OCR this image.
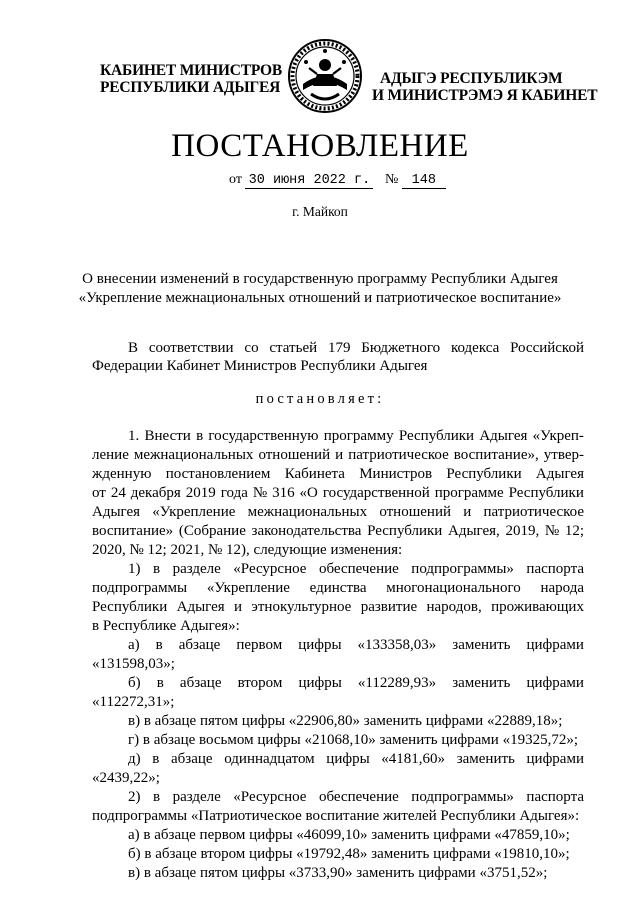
КАБИНЕТ МИНИСТРОВ
РЕСПУБЛИКИ АДЫГЕЯ
АДЫГЭ РЕСПУБЛИКЭМ
И МИНИСТРЭМЭ Я КАБИНЕТ
ПОСТАНОВЛЕНИЕ
от 30 июня 2022 г. № 148
г. Майкоп
О внесении изменений в государственную программу Республики Адыгея
«Укрепление межнациональных отношений и патриотическое воспитание»
В соответствии со статьей 179 Бюджетного кодекса Российской
Федерации Кабинет Министров Республики Адыгея
постановляет:
1. Внести в государственную программу Республики Адыгея «Укреп-
ление межнациональных отношений и патриотическое воспитание», утвер-
жденную постановлением Кабинета Министров Республики Адыгея
от 24 декабря 2019 года № 316 «О государственной программе Республики
Адыгея «Укрепление межнациональных отношений и патриотическое
воспитание» (Собрание законодательства Республики Адыгея, 2019, № 12;
2020, № 12; 2021, № 12), следующие изменения:
1) в разделе «Ресурсное обеспечение подпрограммы» паспорта
подпрограммы «Укрепление единства многонационального народа
Республики Адыгея и этнокультурное развитие народов, проживающих
в Республике Адыгея»:
а) в абзаце первом цифры «133358,03» заменить цифрами
«131598,03»;
б) в абзаце втором цифры «112289,93» заменить цифрами
«112272,31»;
в) в абзаце пятом цифры «22906,80» заменить цифрами «22889,18»;
г) в абзаце восьмом цифры «21068,10» заменить цифрами «19325,72»;
д) в абзаце одиннадцатом цифры «4181,60» заменить цифрами
«2439,22»;
2) в разделе «Ресурсное обеспечение подпрограммы» паспорта
подпрограммы «Патриотическое воспитание жителей Республики Адыгея»:
а) в абзаце первом цифры «46099,10» заменить цифрами «47859,10»;
б) в абзаце втором цифры «19792,48» заменить цифрами «19810,10»;
в) в абзаце пятом цифры «3733,90» заменить цифрами «3751,52»;
